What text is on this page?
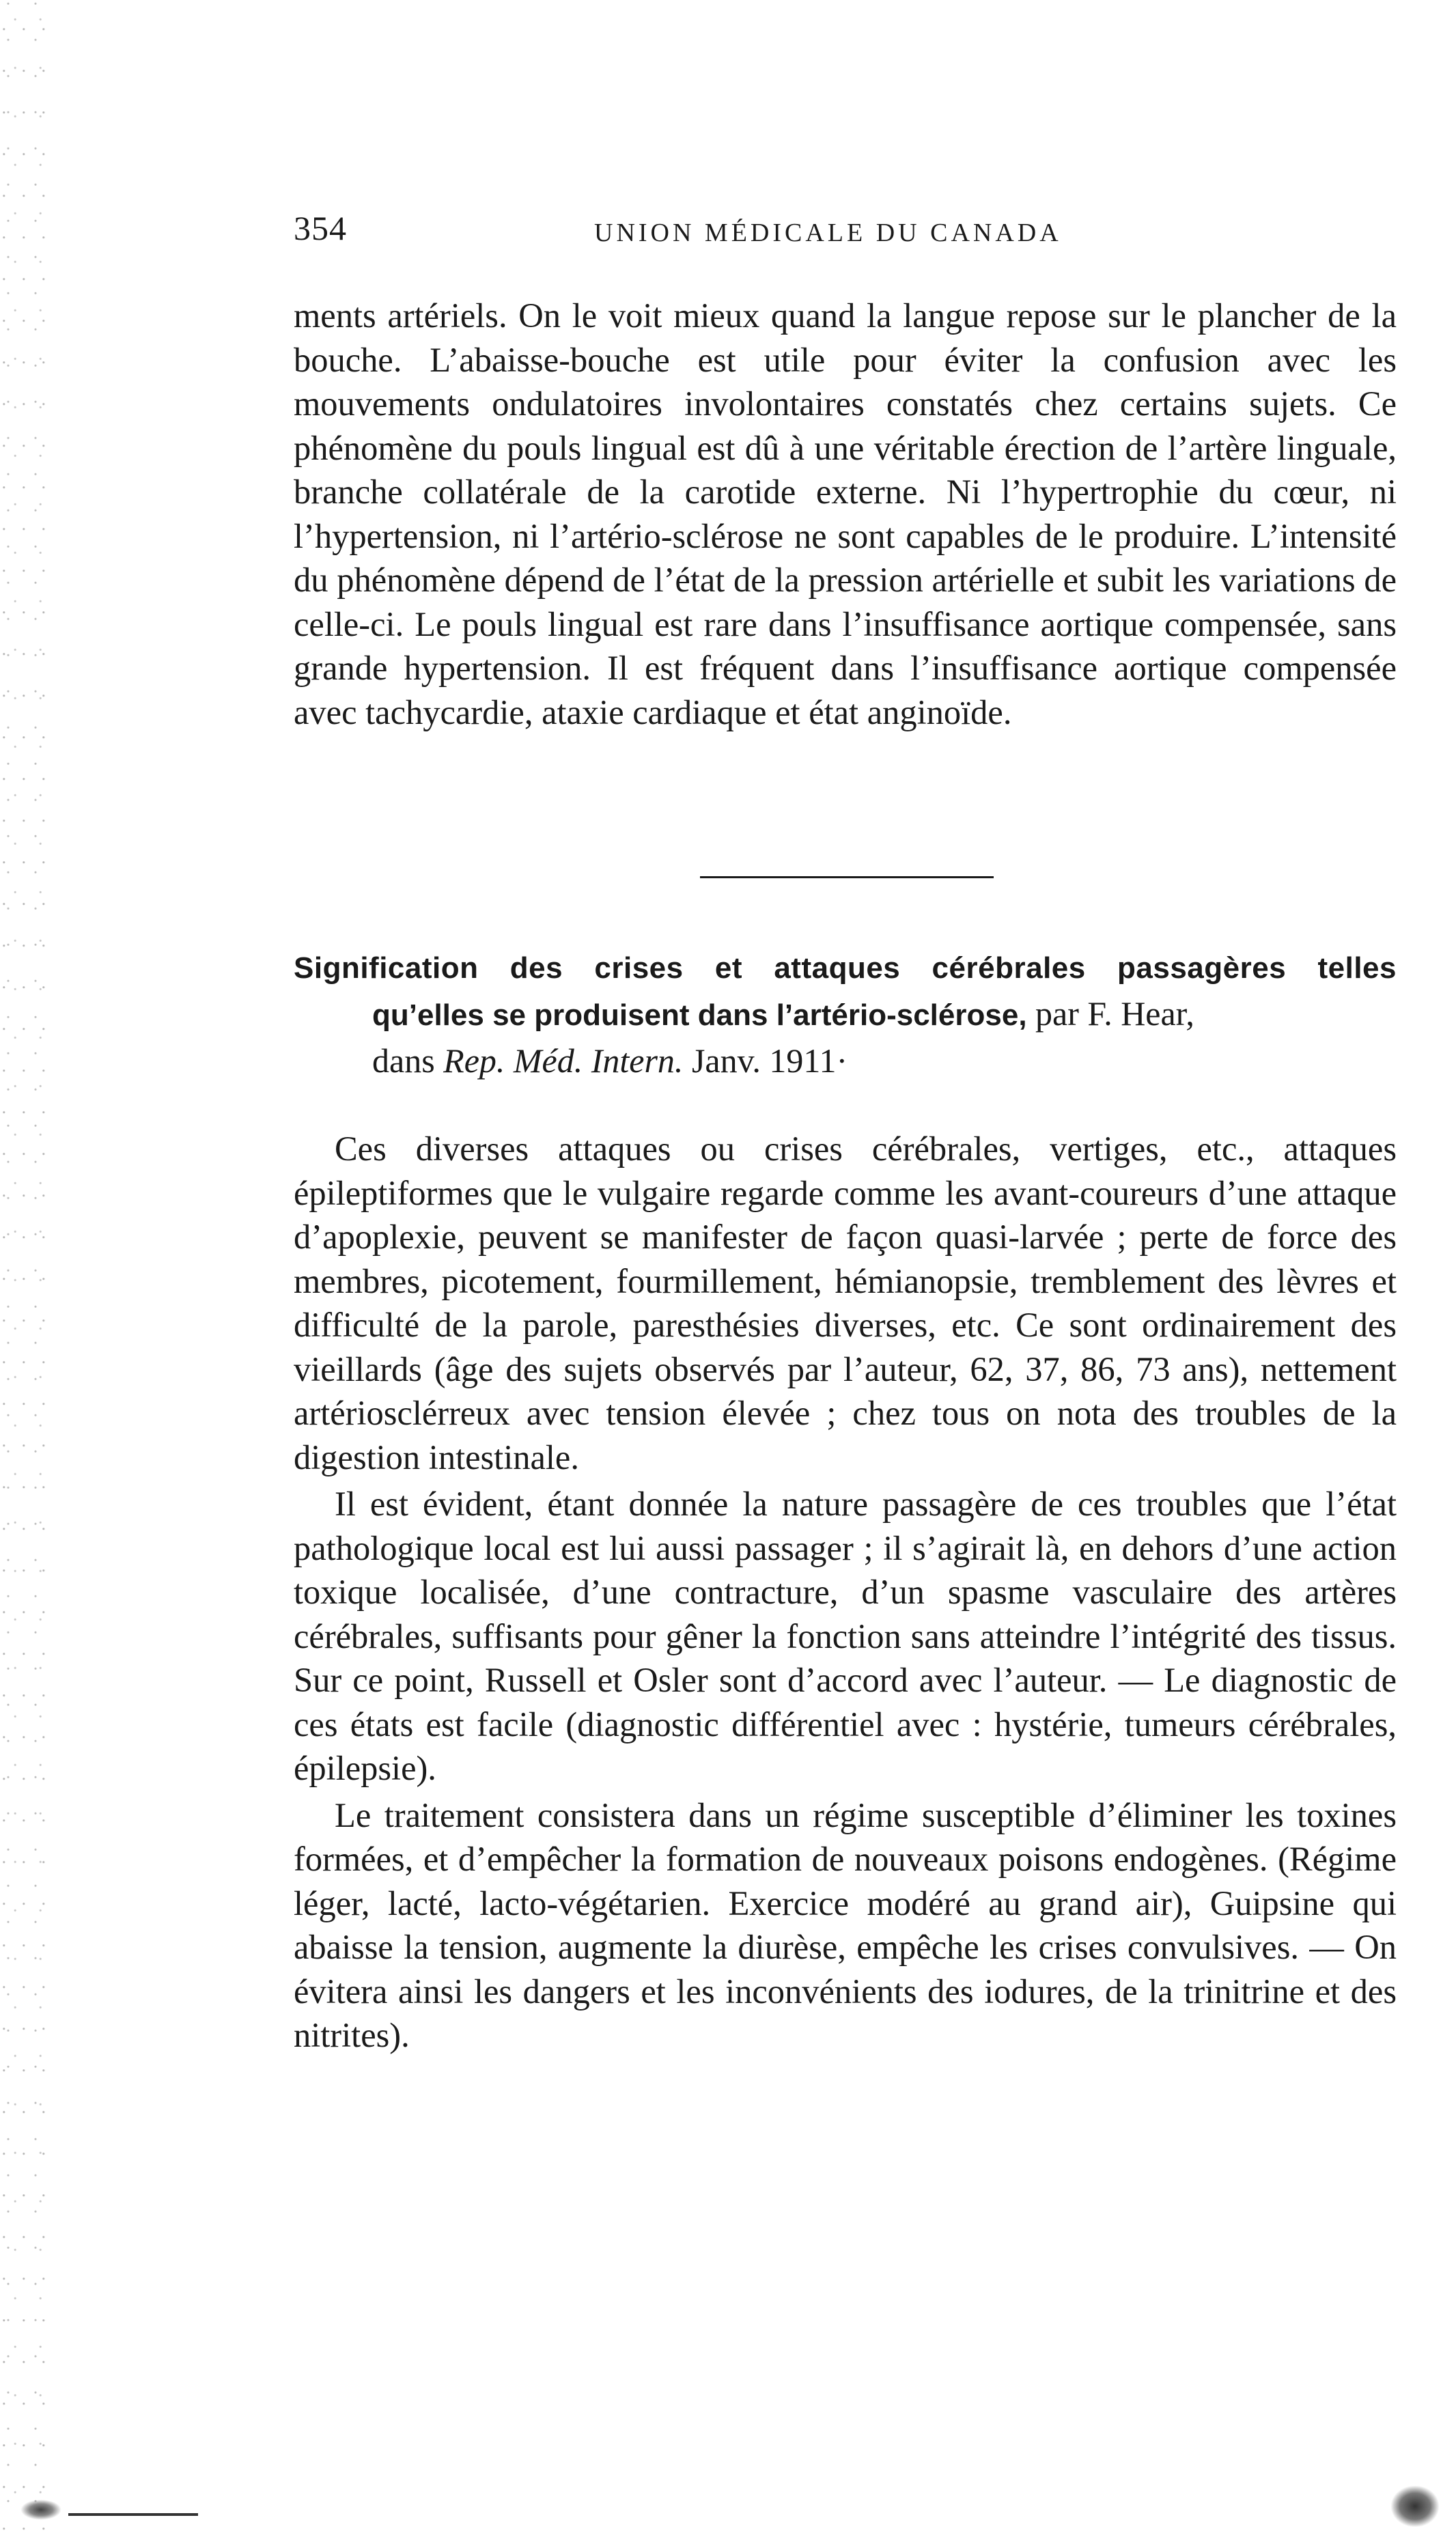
354	UNION MÉDICALE DU CANADA

ments artériels. On le voit mieux quand la langue repose sur le plancher de la bouche. L’abaisse-bouche est utile pour éviter la confusion avec les mouvements ondulatoires involontaires constatés chez certains sujets. Ce phénomène du pouls lingual est dû à une véritable érection de l’artère linguale, branche collatérale de la carotide externe. Ni l’hypertrophie du cœur, ni l’hypertension, ni l’artério-sclérose ne sont capables de le produire. L’intensité du phénomène dépend de l’état de la pression artérielle et subit les variations de celle-ci. Le pouls lingual est rare dans l’insuffisance aortique compensée, sans grande hypertension. Il est fréquent dans l’insuffisance aortique compensée avec tachycardie, ataxie cardiaque et état anginoïde.

Signification des crises et attaques cérébrales passagères telles
qu’elles se produisent dans l’artério-sclérose, par F. Hear,
dans Rep. Méd. Intern. Janv. 1911·

Ces diverses attaques ou crises cérébrales, vertiges, etc., attaques épileptiformes que le vulgaire regarde comme les avant-coureurs d’une attaque d’apoplexie, peuvent se manifester de façon quasi-larvée ; perte de force des membres, picotement, fourmillement, hémianopsie, tremblement des lèvres et difficulté de la parole, paresthésies diverses, etc. Ce sont ordinairement des vieillards (âge des sujets observés par l’auteur, 62, 37, 86, 73 ans), nettement artériosclérreux avec tension élevée ; chez tous on nota des troubles de la digestion intestinale.

Il est évident, étant donnée la nature passagère de ces troubles que l’état pathologique local est lui aussi passager ; il s’agirait là, en dehors d’une action toxique localisée, d’une contracture, d’un spasme vasculaire des artères cérébrales, suffisants pour gêner la fonction sans atteindre l’intégrité des tissus. Sur ce point, Russell et Osler sont d’accord avec l’auteur. — Le diagnostic de ces états est facile (diagnostic différentiel avec : hystérie, tumeurs cérébrales, épilepsie).

Le traitement consistera dans un régime susceptible d’éliminer les toxines formées, et d’empêcher la formation de nouveaux poisons endogènes. (Régime léger, lacté, lacto-végétarien. Exercice modéré au grand air), Guipsine qui abaisse la tension, augmente la diurèse, empêche les crises convulsives. — On évitera ainsi les dangers et les inconvénients des iodures, de la trinitrine et des nitrites).
